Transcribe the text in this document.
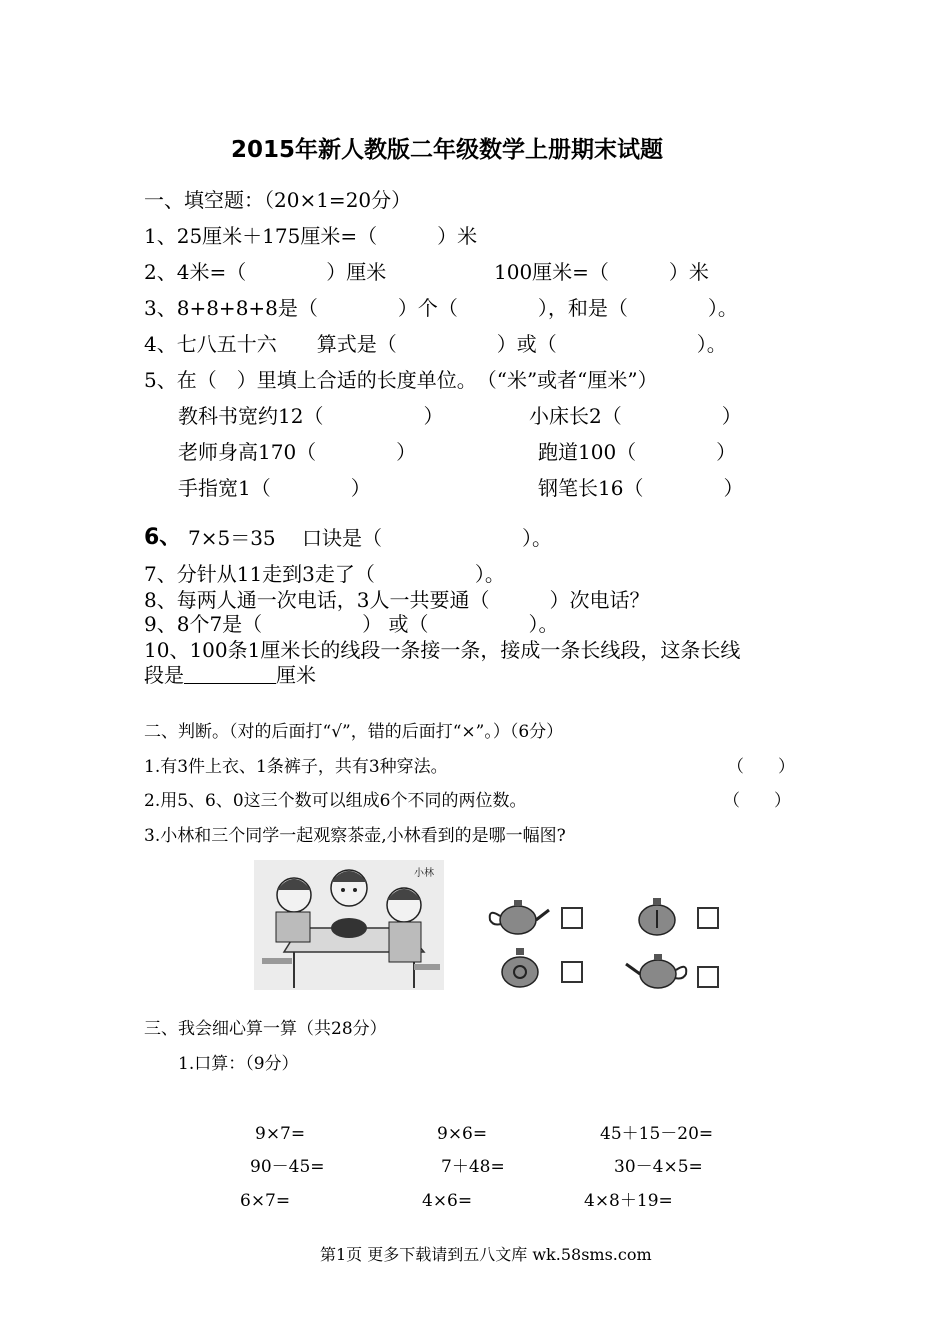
2015年新人教版二年级数学上册期末试题
一、填空题：（20×1=20分）
1、25厘米＋175厘米=（　　　）米
2、4米=（　　　　）厘米	100厘米=（　　　）米
3、8+8+8+8是（　　　　）个（　　　　），和是（　　　　）。
4、七八五十六　　算式是（　　　　　）或（　　　　　　　）。
5、在（　）里填上合适的长度单位。　（“米”或者“厘米”）
教科书宽约12（　　　　　）	小床长2（　　　　　）
老师身高170（　　　　）	跑道100（　　　　）
手指宽1（　　　　）	钢笔长16（　　　　）
6、 7×5＝35　 口诀是（　　　　　　　）。
7、分针从11走到3走了（　　　　　）。
8、每两人通一次电话，3人一共要通（　　　）次电话？
9、8个7是（　　　　　） 或（　　　　　）。
10、100条1厘米长的线段一条接一条，接成一条长线段，这条长线
段是	厘米
二、判断。（对的后面打“√”，错的后面打“×”。）（6分）
1.有3件上衣、1条裤子，共有3种穿法。	（　　）
2.用5、6、0这三个数可以组成6个不同的两位数。	（　　）
3.小林和三个同学一起观察茶壶,小林看到的是哪一幅图?
小林
三、我会细心算一算（共28分）
1.口算：（9分）
9×7=	9×6=	45＋15－20=
90－45=	7＋48=	30－4×5=
6×7=	4×6=	4×8＋19=
第1页 更多下载请到五八文库 wk.58sms.com
